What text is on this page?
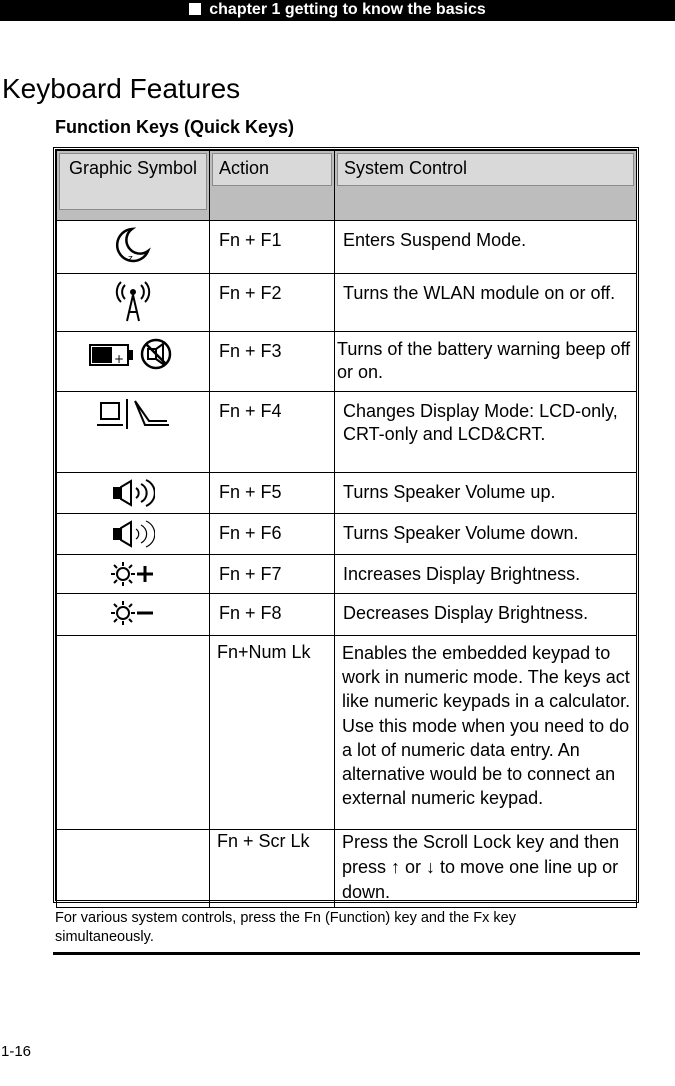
chapter 1 getting to know the basics
Keyboard Features
Function Keys (Quick Keys)
Graphic Symbol	Action	System Control

z	Fn + F1	Enters Suspend Mode.
	Fn + F2	Turns the WLAN module on or off.

+	Fn + F3	Turns of the battery warning beep off or on.
	Fn + F4	Changes Display Mode: LCD-only, CRT-only and LCD&CRT.
	Fn + F5	Turns Speaker Volume up.
	Fn + F6	Turns Speaker Volume down.
	Fn + F7	Increases Display Brightness.
	Fn + F8	Decreases Display Brightness.
	Fn+Num Lk	Enables the embedded keypad to work in numeric mode. The keys act like numeric keypads in a calculator. Use this mode when you need to do a lot of numeric data entry. An alternative would be to connect an external numeric keypad.
	Fn + Scr Lk	Press the Scroll Lock key and then press ↑ or ↓ to move one line up or down.
For various system controls, press the Fn (Function) key and the Fx key simultaneously.
1-16
